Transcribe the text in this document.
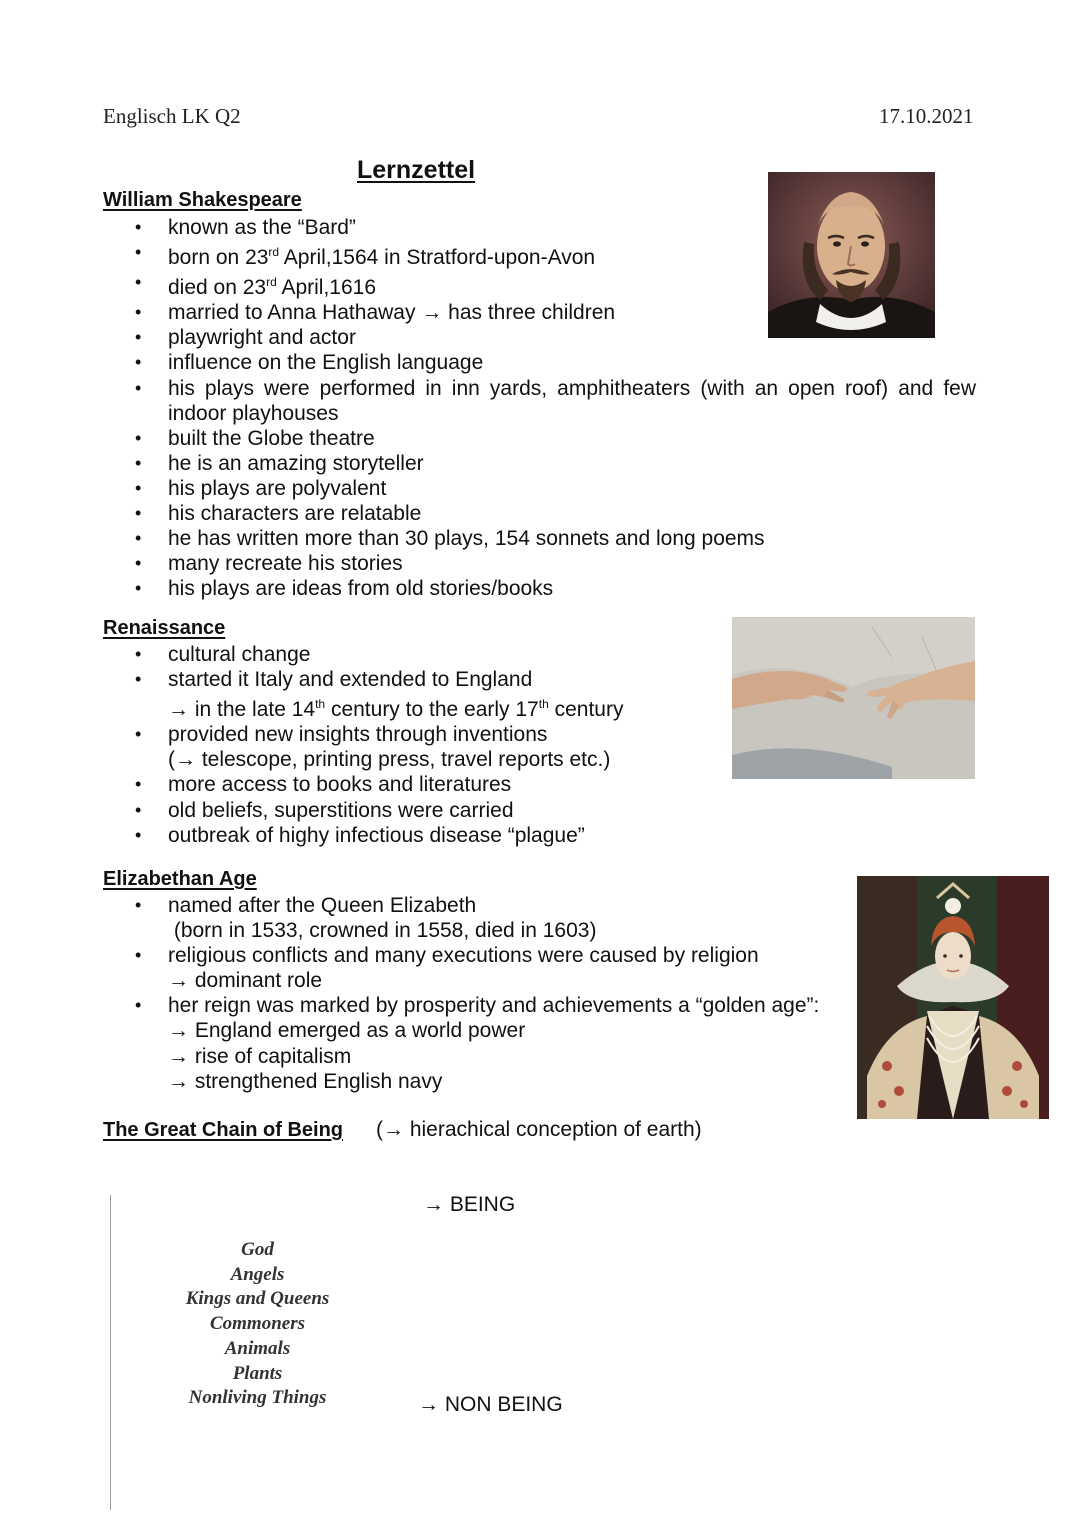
Englisch LK Q2	17.10.2021
Lernzettel
William Shakespeare
• known as the “Bard”
• born on 23rd April,1564 in Stratford-upon-Avon
• died on 23rd April,1616
• married to Anna Hathaway → has three children
• playwright and actor
• influence on the English language
• his plays were performed in inn yards, amphitheaters (with an open roof) and few indoor playhouses
• built the Globe theatre
• he is an amazing storyteller
• his plays are polyvalent
• his characters are relatable
• he has written more than 30 plays, 154 sonnets and long poems
• many recreate his stories
• his plays are ideas from old stories/books
Renaissance
• cultural change
• started it Italy and extended to England
→ in the late 14th century to the early 17th century
• provided new insights through inventions
(→ telescope, printing press, travel reports etc.)
• more access to books and literatures
• old beliefs, superstitions were carried
• outbreak of highy infectious disease “plague”
Elizabethan Age
• named after the Queen Elizabeth
(born in 1533, crowned in 1558, died in 1603)
• religious conflicts and many executions were caused by religion
→ dominant role
• her reign was marked by prosperity and achievements a “golden age”:
→ England emerged as a world power
→ rise of capitalism
→ strengthened English navy
The Great Chain of Being (→ hierachical conception of earth)
→ BEING
→ NON BEING
God
Angels
Kings and Queens
Commoners
Animals
Plants
Nonliving Things
